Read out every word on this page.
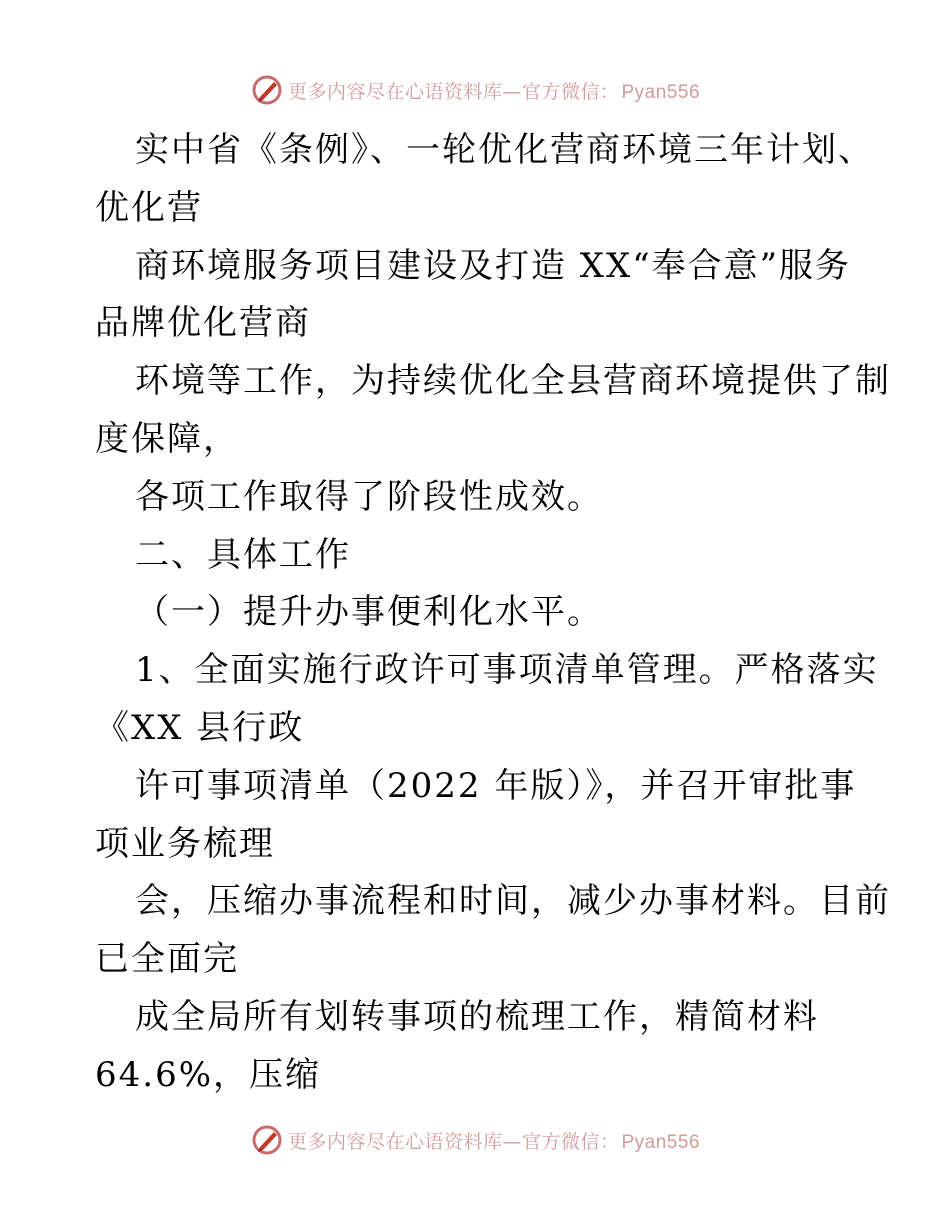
更多内容尽在心语资料库—官方微信： Pyan556
实中省《条例》、一轮优化营商环境三年计划、
优化营
商环境服务项目建设及打造 XX“奉合意”服务
品牌优化营商
环境等工作，为持续优化全县营商环境提供了制
度保障，
各项工作取得了阶段性成效。
二、具体工作
（一）提升办事便利化水平。
1、全面实施行政许可事项清单管理。严格落实
《XX 县行政
许可事项清单（2022 年版）》，并召开审批事
项业务梳理
会，压缩办事流程和时间，减少办事材料。目前
已全面完
成全局所有划转事项的梳理工作，精简材料
64.6%，压缩
更多内容尽在心语资料库—官方微信： Pyan556
